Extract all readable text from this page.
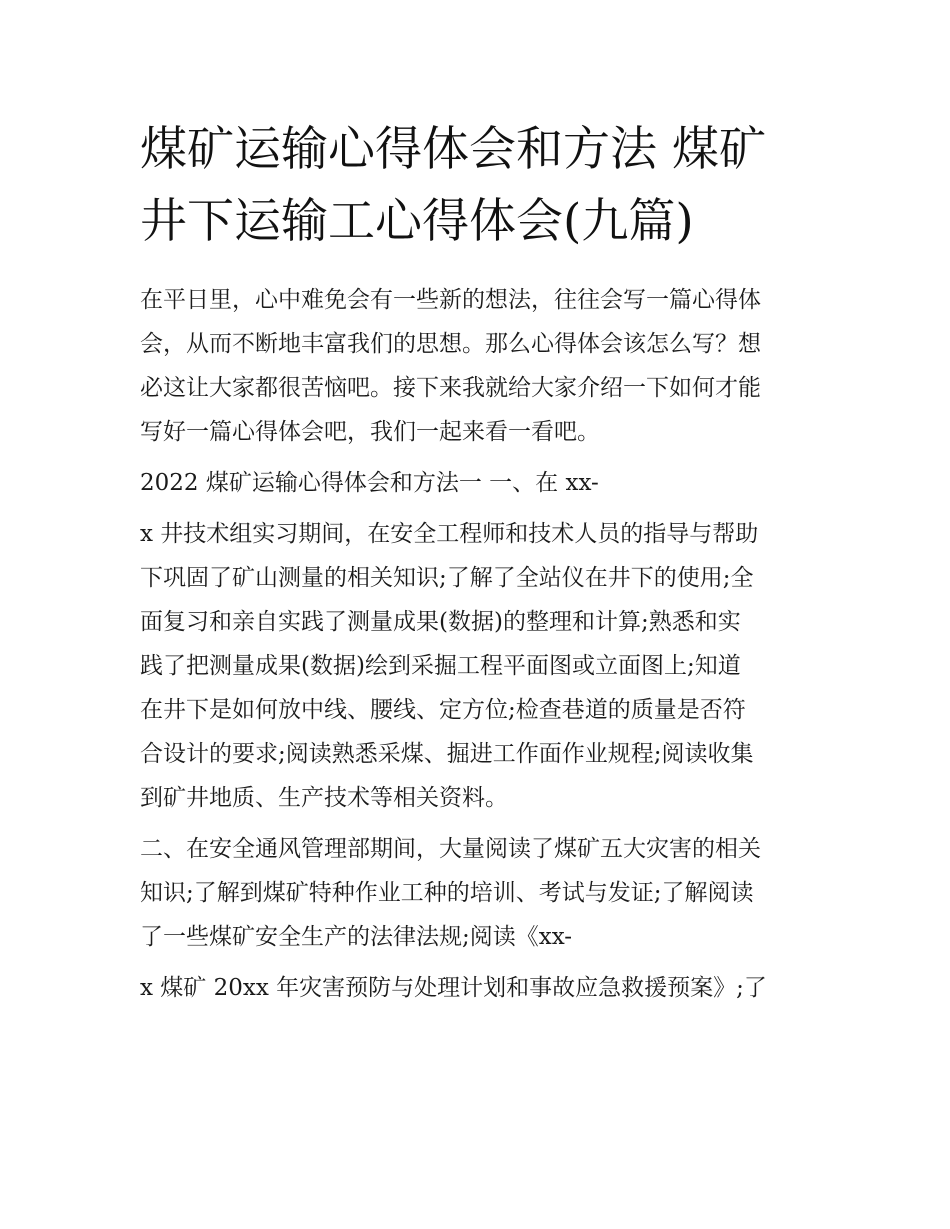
煤矿运输心得体会和方法 煤矿
井下运输工心得体会(九篇)

在平日里，心中难免会有一些新的想法，往往会写一篇心得体
会，从而不断地丰富我们的思想。那么心得体会该怎么写？想
必这让大家都很苦恼吧。接下来我就给大家介绍一下如何才能
写好一篇心得体会吧，我们一起来看一看吧。

2022 煤矿运输心得体会和方法一 一、在 xx-

x 井技术组实习期间，在安全工程师和技术人员的指导与帮助
下巩固了矿山测量的相关知识;了解了全站仪在井下的使用;全
面复习和亲自实践了测量成果(数据)的整理和计算;熟悉和实
践了把测量成果(数据)绘到采掘工程平面图或立面图上;知道
在井下是如何放中线、腰线、定方位;检查巷道的质量是否符
合设计的要求;阅读熟悉采煤、掘进工作面作业规程;阅读收集
到矿井地质、生产技术等相关资料。

二、在安全通风管理部期间，大量阅读了煤矿五大灾害的相关
知识;了解到煤矿特种作业工种的培训、考试与发证;了解阅读
了一些煤矿安全生产的法律法规;阅读《xx-

x 煤矿 20xx 年灾害预防与处理计划和事故应急救援预案》;了
